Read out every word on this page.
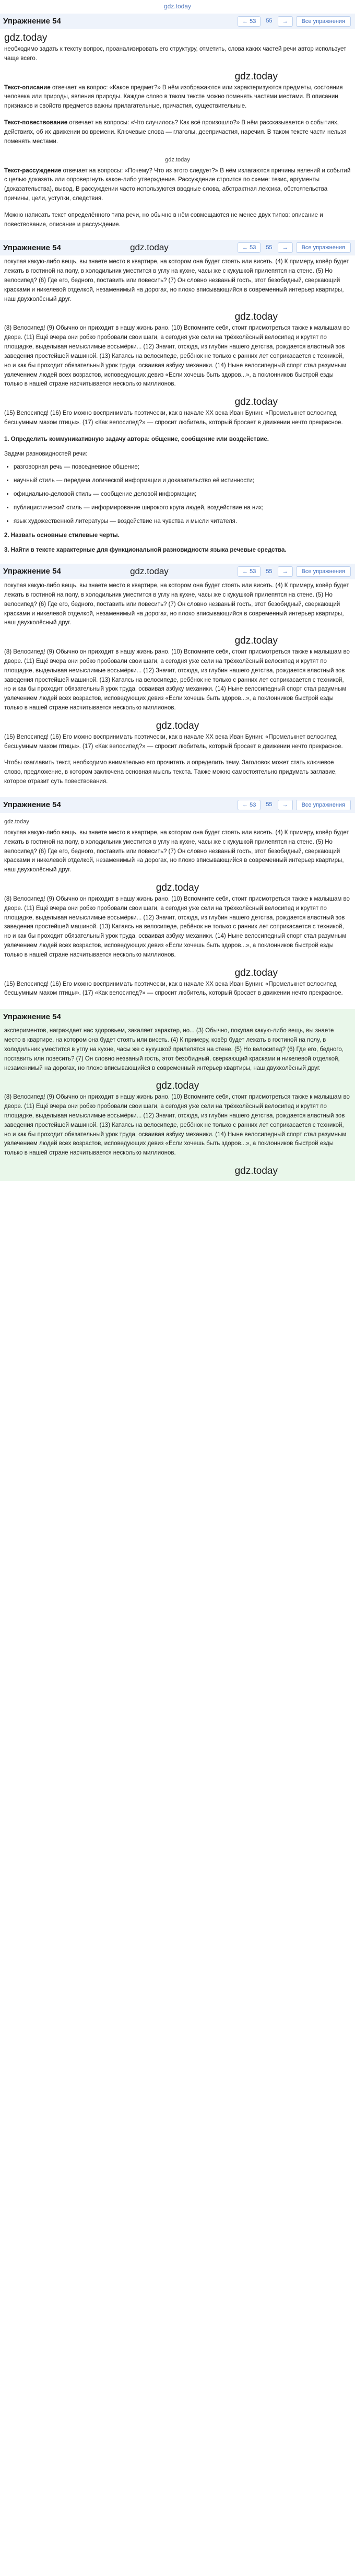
gdz.today
Упражнение 54	← 53	55	→	Все упражнения
gdz.today

необходимо задать к тексту вопрос, проанализировать его структуру, отметить, слова каких частей речи автор использует чаще всего.

gdz.today

Текст-описание отвечает на вопрос: «Какое предмет?» В нём изображаются или характеризуются предметы, состояния человека или природы, явления природы. Каждое слово в таком тексте можно поменять частями местами. В описании признаков и свойств предметов важны прилагательные, причастия, существительные.

Текст-повествование отвечает на вопросы: «Что случилось? Как всё произошло?» В нём рассказывается о событиях, действиях, об их движении во времени. Ключевые слова — глаголы, деепричастия, наречия. В таком тексте части нельзя поменять местами.

gdz.today

Текст-рассуждение отвечает на вопросы: «Почему? Что из этого следует?» В нём излагаются причины явлений и событий с целью доказать или опровергнуть какое-либо утверждение. Рассуждение строится по схеме: тезис, аргументы (доказательства), вывод. В рассуждении часто используются вводные слова, абстрактная лексика, обстоятельства причины, цели, уступки, следствия.

Можно написать текст определённого типа речи, но обычно в нём совмещаются не менее двух типов: описание и повествование, описание и рассуждение.

Упражнение 54	gdz.today	← 53	55	→	Все упражнения

покупая какую-либо вещь, вы знаете место в квартире, на котором она будет стоять или висеть. (4) К примеру, ковёр будет лежать в гостиной на полу, в холодильник уместится в углу на кухне, часы же с кукушкой прилепятся на стене. (5) Но велосипед? (6) Где его, бедного, поставить или повесить? (7) Он словно незваный гость, этот безобидный, сверкающий красками и никелевой отделкой, незаменимый на дорогах, но плохо вписывающийся в современный интерьер квартиры, наш двухколёсный друг.

gdz.today

(8) Велосипед! (9) Обычно он приходит в нашу жизнь рано. (10) Вспомните себя, стоит присмотреться также к малышам во дворе. (11) Ещё вчера они робко пробовали свои шаги, а сегодня уже сели на трёхколёсный велосипед и крутят по площадке, выделывая немыслимые восьмёрки... (12) Значит, отсюда, из глубин нашего детства, рождается властный зов заведения простейшей машиной. (13) Катаясь на велосипеде, ребёнок не только с ранних лет соприкасается с техникой, но и как бы проходит обязательный урок труда, осваивая азбуку механики. (14) Ныне велосипедный спорт стал разумным увлечением людей всех возрастов, исповедующих девиз «Если хочешь быть здоров...», а поклонников быстрой езды только в нашей стране насчитывается несколько миллионов.

gdz.today

(15) Велосипед! (16) Его можно воспринимать поэтически, как в начале XX века Иван Бунин: «Промелькнет велосипед бесшумным махом птицы». (17) «Как велосипед?» — спросит любитель, который бросает в движении нечто прекрасное.

1. Определить коммуникативную задачу автора: общение, сообщение или воздействие.
Задачи разновидностей речи:
• разговорная речь — повседневное общение;
• научный стиль — передача логической информации и доказательство её истинности;
• официально-деловой стиль — сообщение деловой информации;
• публицистический стиль — информирование широкого круга людей, воздействие на них;
• язык художественной литературы — воздействие на чувства и мысли читателя.
2. Назвать основные стилевые черты.
3. Найти в тексте характерные для функциональной разновидности языка речевые средства.
Упражнение 54	gdz.today	← 53	55	→	Все упражнения

покупая какую-либо вещь, вы знаете место в квартире, на котором она будет стоять или висеть. (4) К примеру, ковёр будет лежать в гостиной на полу, в холодильник уместится в углу на кухне, часы же с кукушкой прилепятся на стене. (5) Но велосипед? (6) Где его, бедного, поставить или повесить? (7) Он словно незваный гость, этот безобидный, сверкающий красками и никелевой отделкой, незаменимый на дорогах, но плохо вписывающийся в современный интерьер квартиры, наш двухколёсный друг.

gdz.today

(8) Велосипед! (9) Обычно он приходит в нашу жизнь рано. (10) Вспомните себя, стоит присмотреться также к малышам во дворе. (11) Ещё вчера они робко пробовали свои шаги, а сегодня уже сели на трёхколёсный велосипед и крутят по площадке, выделывая немыслимые восьмёрки... (12) Значит, отсюда, из глубин нашего детства, рождается властный зов заведения простейшей машиной. (13) Катаясь на велосипеде, ребёнок не только с ранних лет соприкасается с техникой, но и как бы проходит обязательный урок труда, осваивая азбуку механики. (14) Ныне велосипедный спорт стал разумным увлечением людей всех возрастов, исповедующих девиз «Если хочешь быть здоров...», а поклонников быстрой езды только в нашей стране насчитывается несколько миллионов.

gdz.today

(15) Велосипед! (16) Его можно воспринимать поэтически, как в начале XX века Иван Бунин: «Промелькнет велосипед бесшумным махом птицы». (17) «Как велосипед?» — спросит любитель, который бросает в движении нечто прекрасное.

Чтобы озаглавить текст, необходимо внимательно его прочитать и определить тему. Заголовок может стать ключевое слово, предложение, в котором заключена основная мысль текста. Также можно самостоятельно придумать заглавие, которое отразит суть повествования.

Упражнение 54	← 53	55	→	Все упражнения
gdz.today

покупая какую-либо вещь, вы знаете место в квартире, на котором она будет стоять или висеть. (4) К примеру, ковёр будет лежать в гостиной на полу, в холодильник уместится в углу на кухне, часы же с кукушкой прилепятся на стене. (5) Но велосипед? (6) Где его, бедного, поставить или повесить? (7) Он словно незваный гость, этот безобидный, сверкающий красками и никелевой отделкой, незаменимый на дорогах, но плохо вписывающийся в современный интерьер квартиры, наш двухколёсный друг.

gdz.today

(8) Велосипед! (9) Обычно он приходит в нашу жизнь рано. (10) Вспомните себя, стоит присмотреться также к малышам во дворе. (11) Ещё вчера они робко пробовали свои шаги, а сегодня уже сели на трёхколёсный велосипед и крутят по площадке, выделывая немыслимые восьмёрки... (12) Значит, отсюда, из глубин нашего детства, рождается властный зов заведения простейшей машиной. (13) Катаясь на велосипеде, ребёнок не только с ранних лет соприкасается с техникой, но и как бы проходит обязательный урок труда, осваивая азбуку механики. (14) Ныне велосипедный спорт стал разумным увлечением людей всех возрастов, исповедующих девиз «Если хочешь быть здоров...», а поклонников быстрой езды только в нашей стране насчитывается несколько миллионов.

gdz.today

(15) Велосипед! (16) Его можно воспринимать поэтически, как в начале XX века Иван Бунин: «Промелькнет велосипед бесшумным махом птицы». (17) «Как велосипед?» — спросит любитель, который бросает в движении нечто прекрасное.

Упражнение 54

экспериментов, награждает нас здоровьем, закаляет характер, но... (3) Обычно, покупая какую-либо вещь, вы знаете место в квартире, на котором она будет стоять или висеть. (4) К примеру, ковёр будет лежать в гостиной на полу, в холодильник уместится в углу на кухне, часы же с кукушкой прилепятся на стене. (5) Но велосипед? (6) Где его, бедного, поставить или повесить? (7) Он словно незваный гость, этот безобидный, сверкающий красками и никелевой отделкой, незаменимый на дорогах, но плохо вписывающийся в современный интерьер квартиры, наш двухколёсный друг.

gdz.today

(8) Велосипед! (9) Обычно он приходит в нашу жизнь рано. (10) Вспомните себя, стоит присмотреться также к малышам во дворе. (11) Ещё вчера они робко пробовали свои шаги, а сегодня уже сели на трёхколёсный велосипед и крутят по площадке, выделывая немыслимые восьмёрки... (12) Значит, отсюда, из глубин нашего детства, рождается властный зов заведения простейшей машиной. (13) Катаясь на велосипеде, ребёнок не только с ранних лет соприкасается с техникой, но и как бы проходит обязательный урок труда, осваивая азбуку механики. (14) Ныне велосипедный спорт стал разумным увлечением людей всех возрастов, исповедующих девиз «Если хочешь быть здоров...», а поклонников быстрой езды только в нашей стране насчитывается несколько миллионов.

gdz.today
